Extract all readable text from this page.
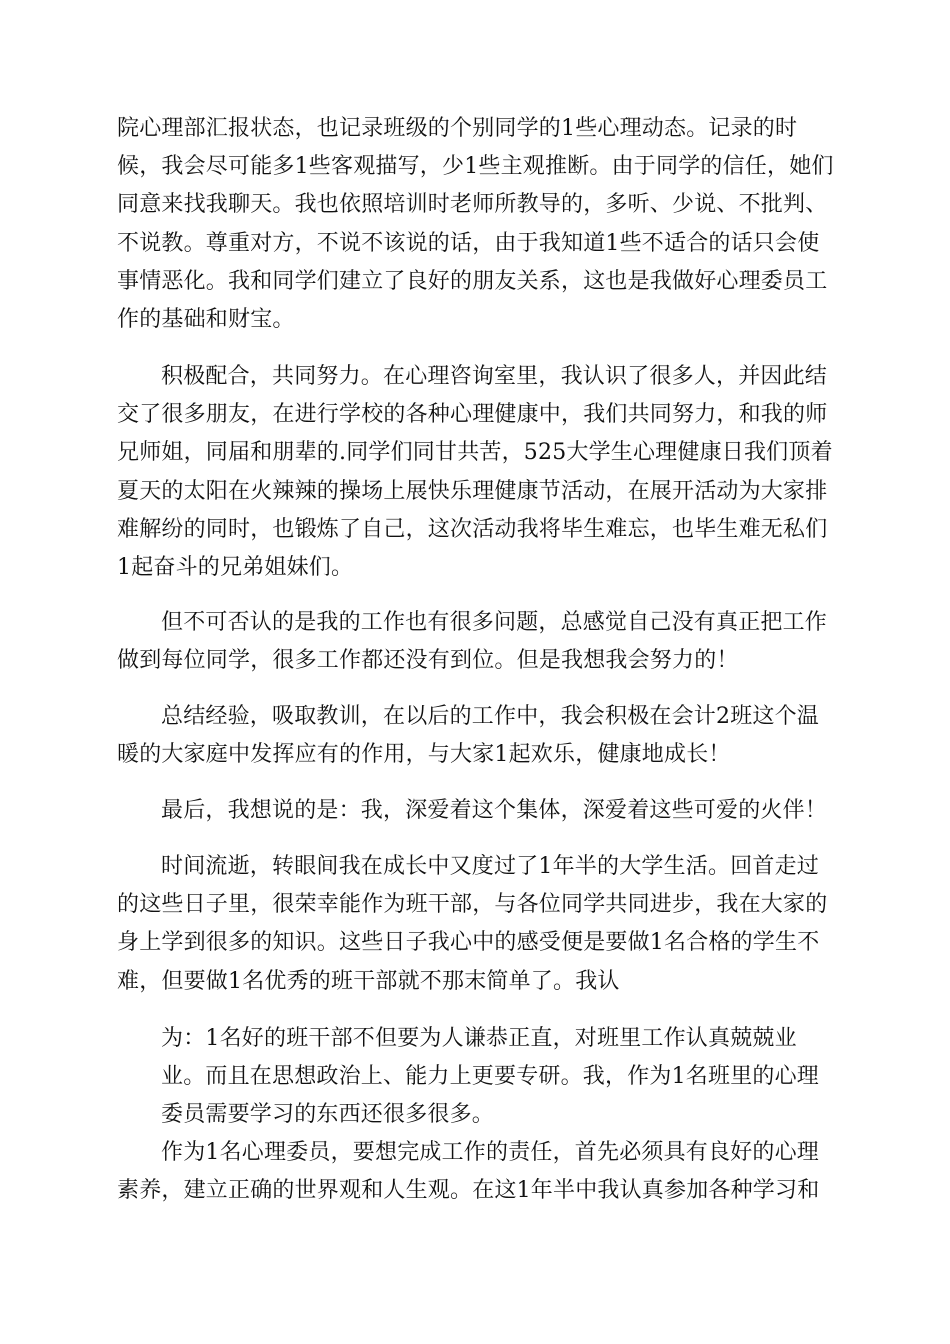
院心理部汇报状态，也记录班级的个别同学的1些心理动态。记录的时候，我会尽可能多1些客观描写，少1些主观推断。由于同学的信任，她们同意来找我聊天。我也依照培训时老师所教导的，多听、少说、不批判、不说教。尊重对方，不说不该说的话，由于我知道1些不适合的话只会使事情恶化。我和同学们建立了良好的朋友关系，这也是我做好心理委员工作的基础和财宝。

积极配合，共同努力。在心理咨询室里，我认识了很多人，并因此结交了很多朋友，在进行学校的各种心理健康中，我们共同努力，和我的师兄师姐，同届和朋辈的.同学们同甘共苦，525大学生心理健康日我们顶着夏天的太阳在火辣辣的操场上展快乐理健康节活动，在展开活动为大家排难解纷的同时，也锻炼了自己，这次活动我将毕生难忘，也毕生难无私们1起奋斗的兄弟姐妹们。

但不可否认的是我的工作也有很多问题，总感觉自己没有真正把工作做到每位同学，很多工作都还没有到位。但是我想我会努力的！

总结经验，吸取教训，在以后的工作中，我会积极在会计2班这个温暖的大家庭中发挥应有的作用，与大家1起欢乐，健康地成长！

最后，我想说的是：我，深爱着这个集体，深爱着这些可爱的火伴！

时间流逝，转眼间我在成长中又度过了1年半的大学生活。回首走过的这些日子里，很荣幸能作为班干部，与各位同学共同进步，我在大家的身上学到很多的知识。这些日子我心中的感受便是要做1名合格的学生不难，但要做1名优秀的班干部就不那末简单了。我认

为：1名好的班干部不但要为人谦恭正直，对班里工作认真兢兢业业。而且在思想政治上、能力上更要专研。我，作为1名班里的心理委员需要学习的东西还很多很多。

作为1名心理委员，要想完成工作的责任，首先必须具有良好的心理素养，建立正确的世界观和人生观。在这1年半中我认真参加各种学习和
